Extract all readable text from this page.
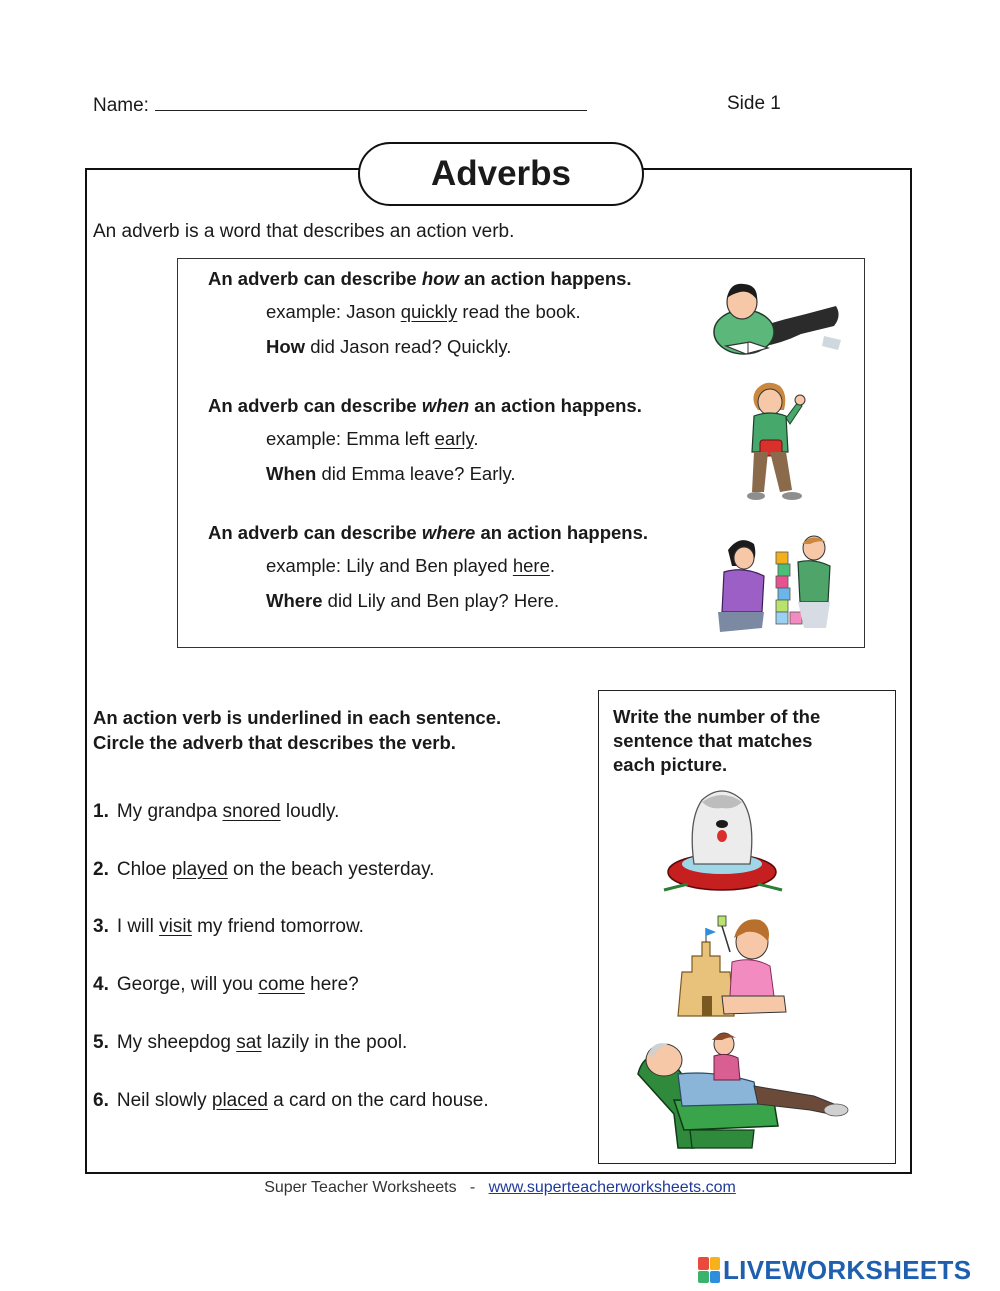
Name:	Side 1
Adverbs
An adverb is a word that describes an action verb.
An adverb can describe how an action happens.
example: Jason quickly read the book.
How did Jason read? Quickly.
An adverb can describe when an action happens.
example: Emma left early.
When did Emma leave? Early.
An adverb can describe where an action happens.
example: Lily and Ben played here.
Where did Lily and Ben play? Here.
An action verb is underlined in each sentence.
Circle the adverb that describes the verb.
1. My grandpa snored loudly.
2. Chloe played on the beach yesterday.
3. I will visit my friend tomorrow.
4. George, will you come here?
5. My sheepdog sat lazily in the pool.
6. Neil slowly placed a card on the card house.
Write the number of the
sentence that matches
each picture.
Super Teacher Worksheets   -   www.superteacherworksheets.com
LIVEWORKSHEETS
